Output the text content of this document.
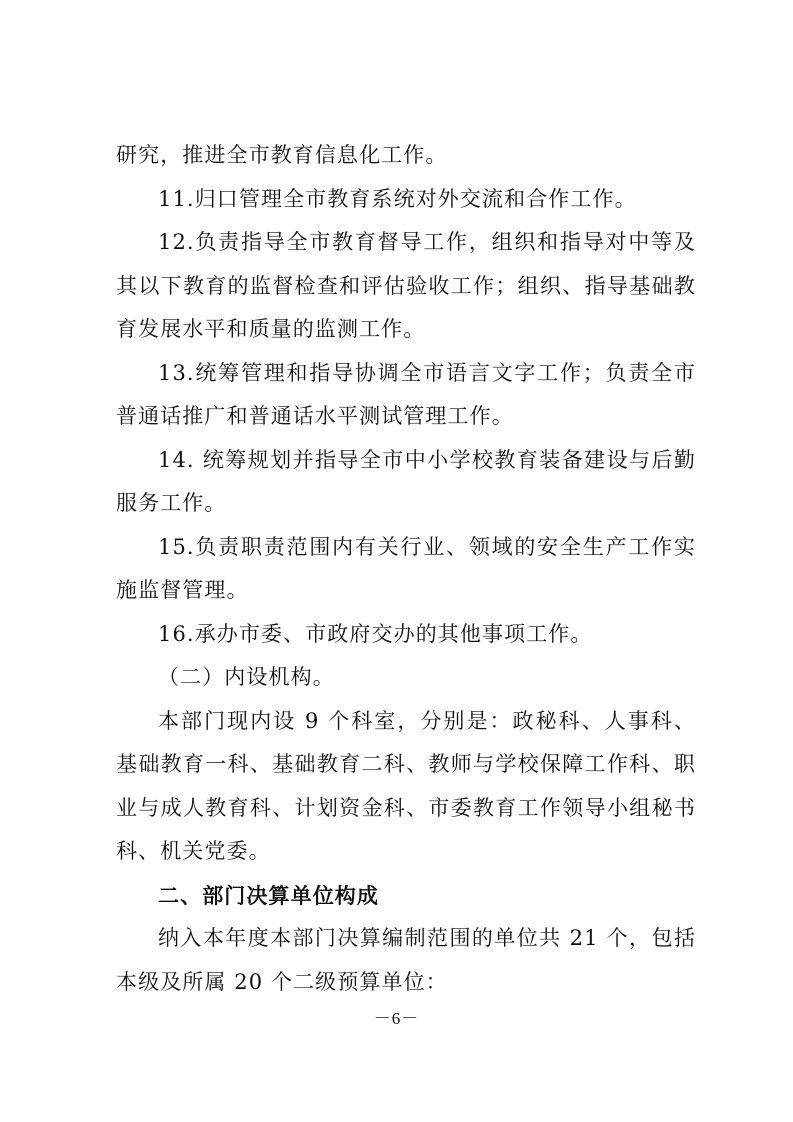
研究，推进全市教育信息化工作。

11.归口管理全市教育系统对外交流和合作工作。

12.负责指导全市教育督导工作，组织和指导对中等及其以下教育的监督检查和评估验收工作；组织、指导基础教育发展水平和质量的监测工作。

13.统筹管理和指导协调全市语言文字工作；负责全市普通话推广和普通话水平测试管理工作。

14. 统筹规划并指导全市中小学校教育装备建设与后勤服务工作。

15.负责职责范围内有关行业、领域的安全生产工作实施监督管理。

16.承办市委、市政府交办的其他事项工作。

（二）内设机构。

本部门现内设 9 个科室，分别是：政秘科、人事科、基础教育一科、基础教育二科、教师与学校保障工作科、职业与成人教育科、计划资金科、市委教育工作领导小组秘书科、机关党委。

二、部门决算单位构成

纳入本年度本部门决算编制范围的单位共 21 个，包括本级及所属 20 个二级预算单位：

－6－
